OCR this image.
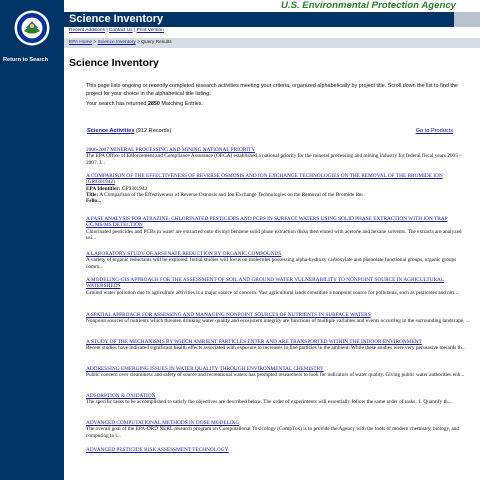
Return to Search
U.S. Environmental Protection Agency
Science Inventory
Recent Additions | Contact Us | Print Version
EPA Home > Science Inventory > Query Results
Science Inventory
This page lists ongoing or recently completed research activities meeting your criteria, organized alphabetically by project title. Scroll down the list to find the project for your choice in the alphabetical title listing.
Your search has returned 2850 Matching Entries.
Science Activities (912 Records)	Go to Products
2006-2007 MINERAL PROCESSING AND MINING NATIONAL PRIORITY
The EPA Office of Enforcement and Compliance Assurance (OECA) established a national priority for the mineral processing and mining industry for federal fiscal years 2005 – 2007. I...
A COMPARISON OF THE EFFECTIVENESS OF REVERSE OSMOSIS AND ION EXCHANGE TECHNOLOGIES ON THE REMOVAL OF THE BROMIDE ION (GF9301942)
EPA Identifier: GF9301942
Title: A Comparison of the Effectiveness of Reverse Osmosis and Ion Exchange Technologies on the Removal of the Bromide Ion
Fello...
A FAST ANALYSIS FOR ATRAZINE, CHLORINATED PESTICIDES AND PCBS IN SURFACE WATERS USING SOLID PHASE EXTRACTION WITH ION TRAP GC/MS/MS DETECTION
Chlorinated pesticides and PCBs in water are extracted onto divinyl benzene solid phase extraction disks then eluted with acetone and hexane solvents. The extracts are analyzed usi...
A LABORATORY STUDY OF ARSENATE REDUCTION BY ORGANIC COMPOUNDS
A variety of organic reductants will be explored. Initial studies will focus on molecules possessing alpha-hydroxy carboxylate and phenolate functional groups, organic groups comm...
A MODELING-GIS APPROACH FOR THE ASSESSMENT OF SOIL AND GROUND WATER VULNERABILITY TO NONPOINT SOURCE IN AGRICULTURAL WATERSHEDS
Ground water pollution due to agriculture activities is a major source of concern. Vast agricultural lands constitute a nonpoint source for pollutants, such as pesticides and nitr...
A SPATIAL APPROACH FOR ASSESSING AND MANAGING NONPOINT SOURCES OF NUTRIENTS IN SURFACE WATERS
Nonpoint sources of nutrients which threaten drinking water quality and ecosystem integrity are functions of multiple variables and events occurring in the surrounding landscape. ...
A STUDY OF THE MECHANISMS BY WHICH AMBIENT PARTICLES ENTER AND ARE TRANSPORTED WITHIN THE INDOOR ENVIRONMENT
Recent studies have indicated significant health effects associated with exposure to increases in fine particles in the ambient. While these studies were very persuasive towards th...
ADDRESSING EMERGING ISSUES IN WATER QUALITY THROUGH ENVIRONMENTAL CHEMISTRY
Public concern over cleanliness and safety of source and recreational waters has prompted researchers to look for indicators of water quality. Giving public water authorities enh...
ADSORPTION & OXIDATION
The specific tasks to be accomplished to satisfy the objectives are described below. The order of experiments will essentially follow the same order of tasks. 1. Quantify th...
ADVANCED COMPUTATIONAL METHODS IN DOSE MODELING
The overall goal of the EPA-ORD NERL research program on Computational Toxicology (CompTox) is to provide the Agency with the tools of modern chemistry, biology, and computing to i...
ADVANCED PESTICIDE RISK ASSESSMENT TECHNOLOGY
